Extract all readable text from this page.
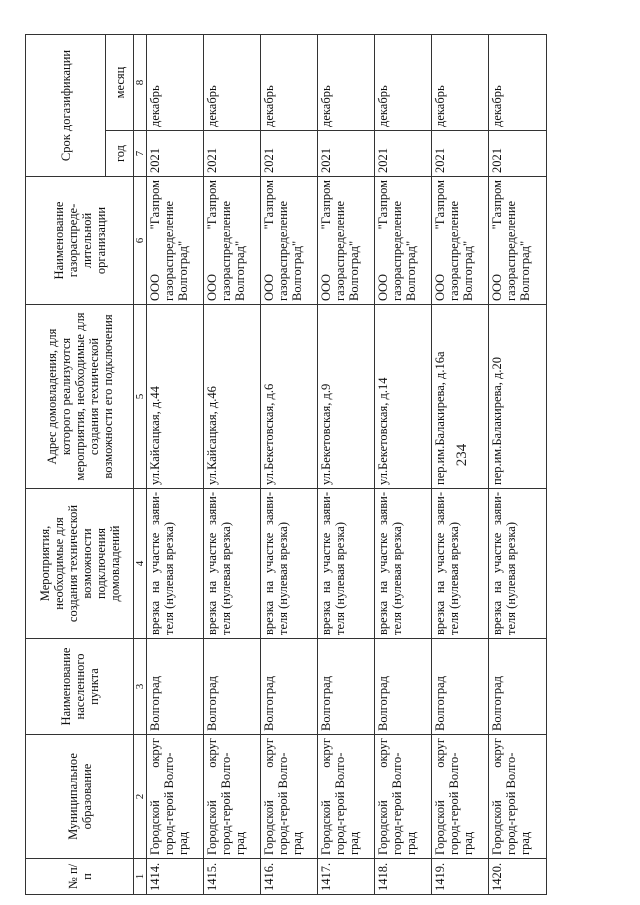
№ п/п	Муниципальное образование	Наименование населенного пункта	Мероприятия, необходимые для создания технической возможности подключения домовладений	Адрес домовладения, для которого реализуются мероприятия, необходимые для создания технической возможности его подключения	Наименование газораспреде-лительной организации	Срок догазификации	
						год	месяц
1	2	3	4	5	6	7	8
1414.	Городской округ город-герой Волго-град	Волгоград	врезка на участке заяви- теля (нулевая врезка)	ул.Кайсацкая, д.44	ООО "Газпром газораспределение Волгоград"	2021	декабрь
1415.	Городской округ город-герой Волго-град	Волгоград	врезка на участке заяви- теля (нулевая врезка)	ул.Кайсацкая, д.46	ООО "Газпром газораспределение Волгоград"	2021	декабрь
1416.	Городской округ город-герой Волго-град	Волгоград	врезка на участке заяви- теля (нулевая врезка)	ул.Бекетовская, д.6	ООО "Газпром газораспределение Волгоград"	2021	декабрь
1417.	Городской округ город-герой Волго-град	Волгоград	врезка на участке заяви- теля (нулевая врезка)	ул.Бекетовская, д.9	ООО "Газпром газораспределение Волгоград"	2021	декабрь
1418.	Городской округ город-герой Волго-град	Волгоград	врезка на участке заяви- теля (нулевая врезка)	ул.Бекетовская, д.14	ООО "Газпром газораспределение Волгоград"	2021	декабрь
1419.	Городской округ город-герой Волго-град	Волгоград	врезка на участке заяви- теля (нулевая врезка)	пер.им.Балакирева, д.16а	ООО "Газпром газораспределение Волгоград"	2021	декабрь
1420.	Городской округ город-герой Волго-град	Волгоград	врезка на участке заяви- теля (нулевая врезка)	пер.им.Балакирева, д.20	ООО "Газпром газораспределение Волгоград"	2021	декабрь
234
